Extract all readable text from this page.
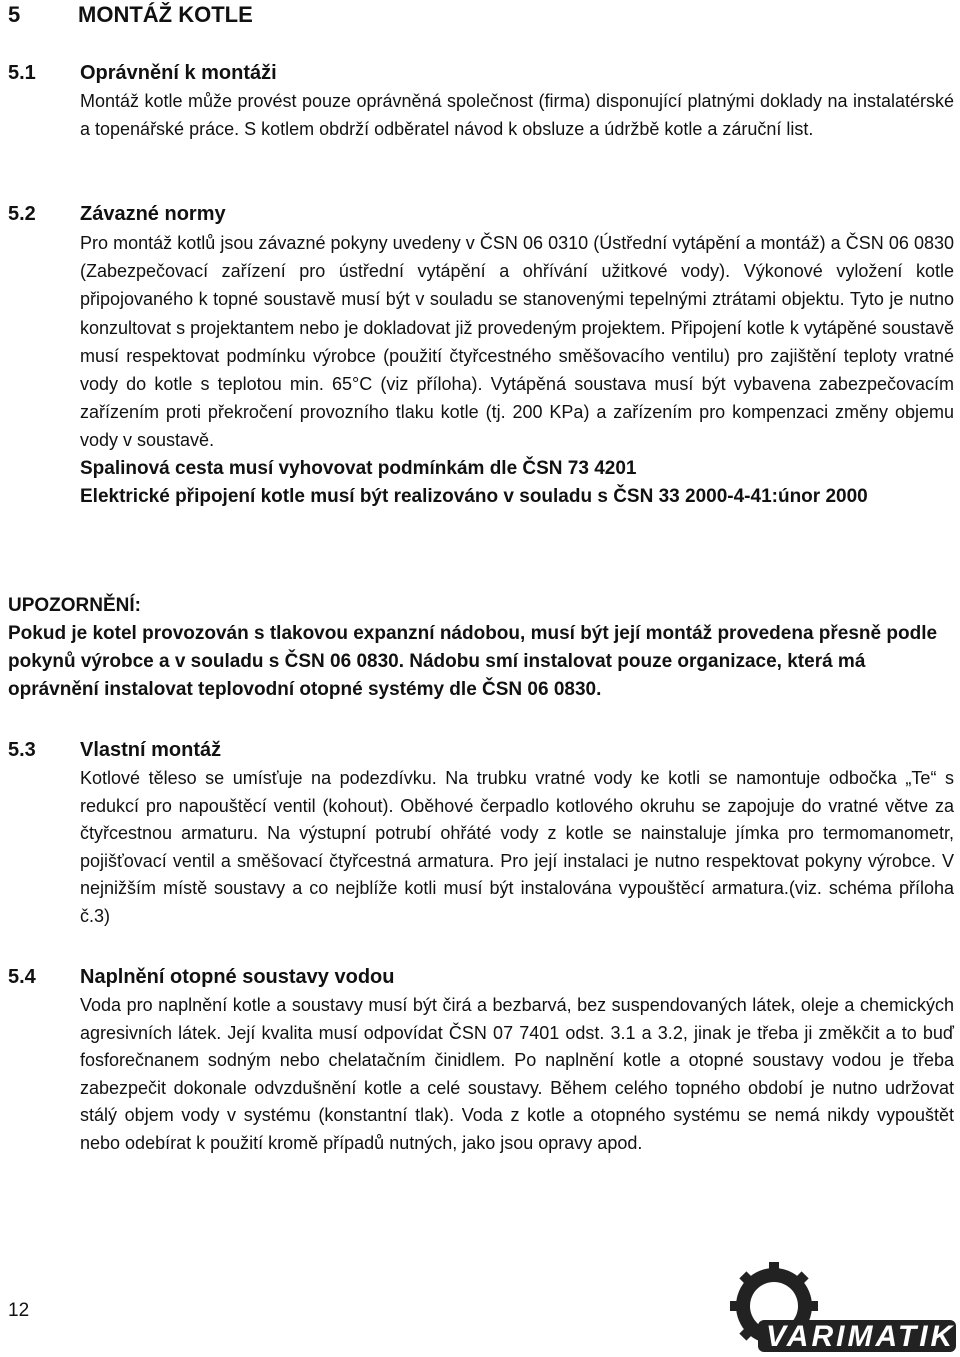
5	MONTÁŽ KOTLE
5.1 Oprávnění k montáži

Montáž kotle může provést pouze oprávněná společnost (firma) disponující platnými doklady na instalatérské a topenářské práce. S kotlem obdrží odběratel návod k obsluze a údržbě kotle a záruční list.

5.2 Závazné normy

Pro montáž kotlů jsou závazné pokyny uvedeny v ČSN 06 0310 (Ústřední vytápění a montáž) a ČSN 06 0830 (Zabezpečovací zařízení pro ústřední vytápění a ohřívání užitkové vody). Výkonové vyložení kotle připojovaného k topné soustavě musí být v souladu se stanovenými tepelnými ztrátami objektu. Tyto je nutno konzultovat s projektantem nebo je dokladovat již provedeným projektem. Připojení kotle k vytápěné soustavě musí respektovat podmínku výrobce (použití čtyřcestného směšovacího ventilu) pro zajištění teploty vratné vody do kotle s teplotou min. 65°C (viz příloha). Vytápěná soustava musí být vybavena zabezpečovacím zařízením proti překročení provozního tlaku kotle (tj. 200 KPa) a zařízením pro kompenzaci změny objemu vody v soustavě.

Spalinová cesta musí vyhovovat podmínkám dle ČSN 73 4201

Elektrické připojení kotle musí být realizováno v souladu s ČSN 33 2000-4-41:únor 2000

UPOZORNĚNÍ:

Pokud je kotel provozován s tlakovou expanzní nádobou, musí být její montáž provedena přesně podle pokynů výrobce a v souladu s ČSN 06 0830. Nádobu smí instalovat pouze organizace, která má oprávnění instalovat teplovodní otopné systémy dle ČSN 06 0830.

5.3 Vlastní montáž

Kotlové těleso se umísťuje na podezdívku. Na trubku vratné vody ke kotli se namontuje odbočka „Te“ s redukcí pro napouštěcí ventil (kohout). Oběhové čerpadlo kotlového okruhu se zapojuje do vratné větve za čtyřcestnou armaturu. Na výstupní potrubí ohřáté vody z kotle se nainstaluje jímka pro termomanometr, pojišťovací ventil a směšovací čtyřcestná armatura. Pro její instalaci je nutno respektovat pokyny výrobce. V nejnižším místě soustavy a co nejblíže kotli musí být instalována vypouštěcí armatura.(viz. schéma příloha č.3)

5.4 Naplnění otopné soustavy vodou

Voda pro naplnění kotle a soustavy musí být čirá a bezbarvá, bez suspendovaných látek, oleje a chemických agresivních látek. Její kvalita musí odpovídat ČSN 07 7401 odst. 3.1 a 3.2, jinak je třeba ji změkčit a to buď fosforečnanem sodným nebo chelatačním činidlem. Po naplnění kotle a otopné soustavy vodou je třeba zabezpečit dokonale odvzdušnění kotle a celé soustavy. Během celého topného období je nutno udržovat stálý objem vody v systému (konstantní tlak). Voda z kotle a otopného systému se nemá nikdy vypouštět nebo odebírat k použití kromě případů nutných, jako jsou opravy apod.

12
VARIMATIK
